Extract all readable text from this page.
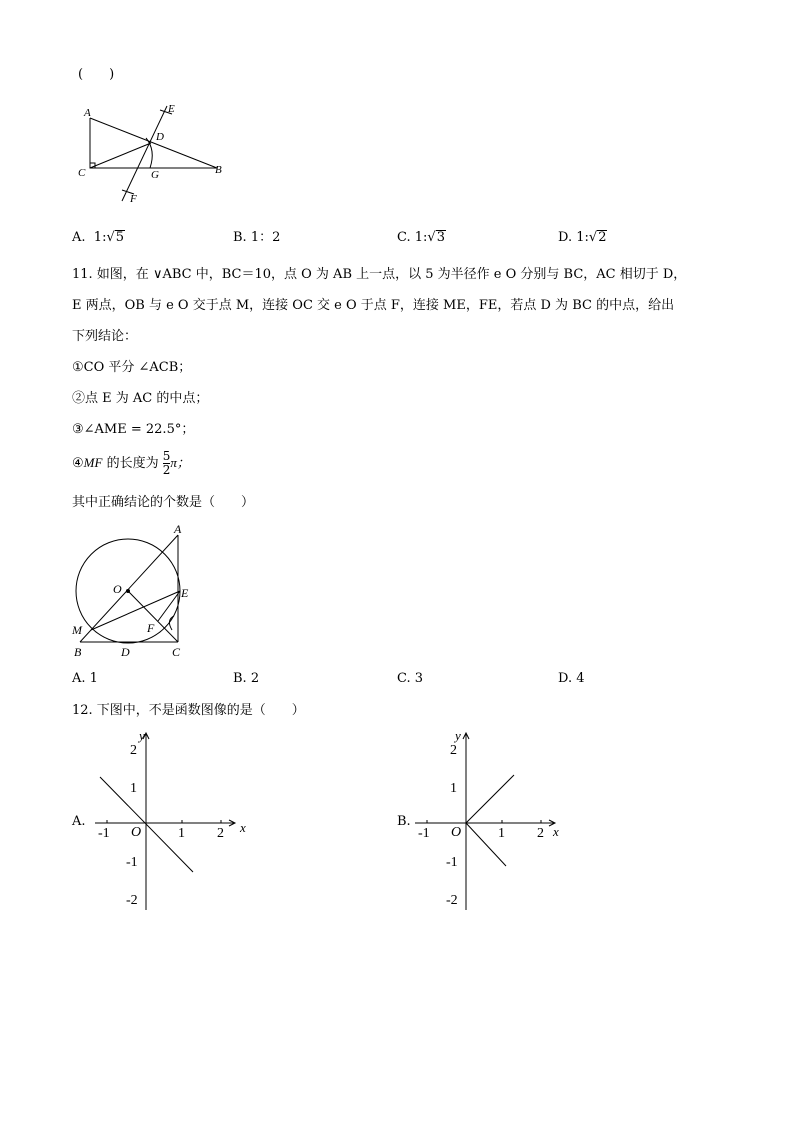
(　　)
A	E
D
C	G	B
F
A. 1:√5	B. 1：2	C. 1:√3	D. 1:√2
11. 如图，在 ∨ABC 中，BC＝10，点 O 为 AB 上一点，以 5 为半径作 e O 分别与 BC，AC 相切于 D，
E 两点，OB 与 e O 交于点 M，连接 OC 交 e O 于点 F，连接 ME，FE，若点 D 为 BC 的中点，给出
下列结论：
①CO 平分 ∠ACB；
②点 E 为 AC 的中点；
③∠AME = 22.5°；
④MF 的长度为 $\frac{5}{2}$ π；
其中正确结论的个数是（　　）
A
O	E
M	F
B	D	C
A. 1	B. 2	C. 3	D. 4
12. 下图中，不是函数图像的是（　　）
A.	x
y
O
-1	1 2
2
1
-1
-2
B.
x
y
O
-1	1 2
2
1
-1
-2
